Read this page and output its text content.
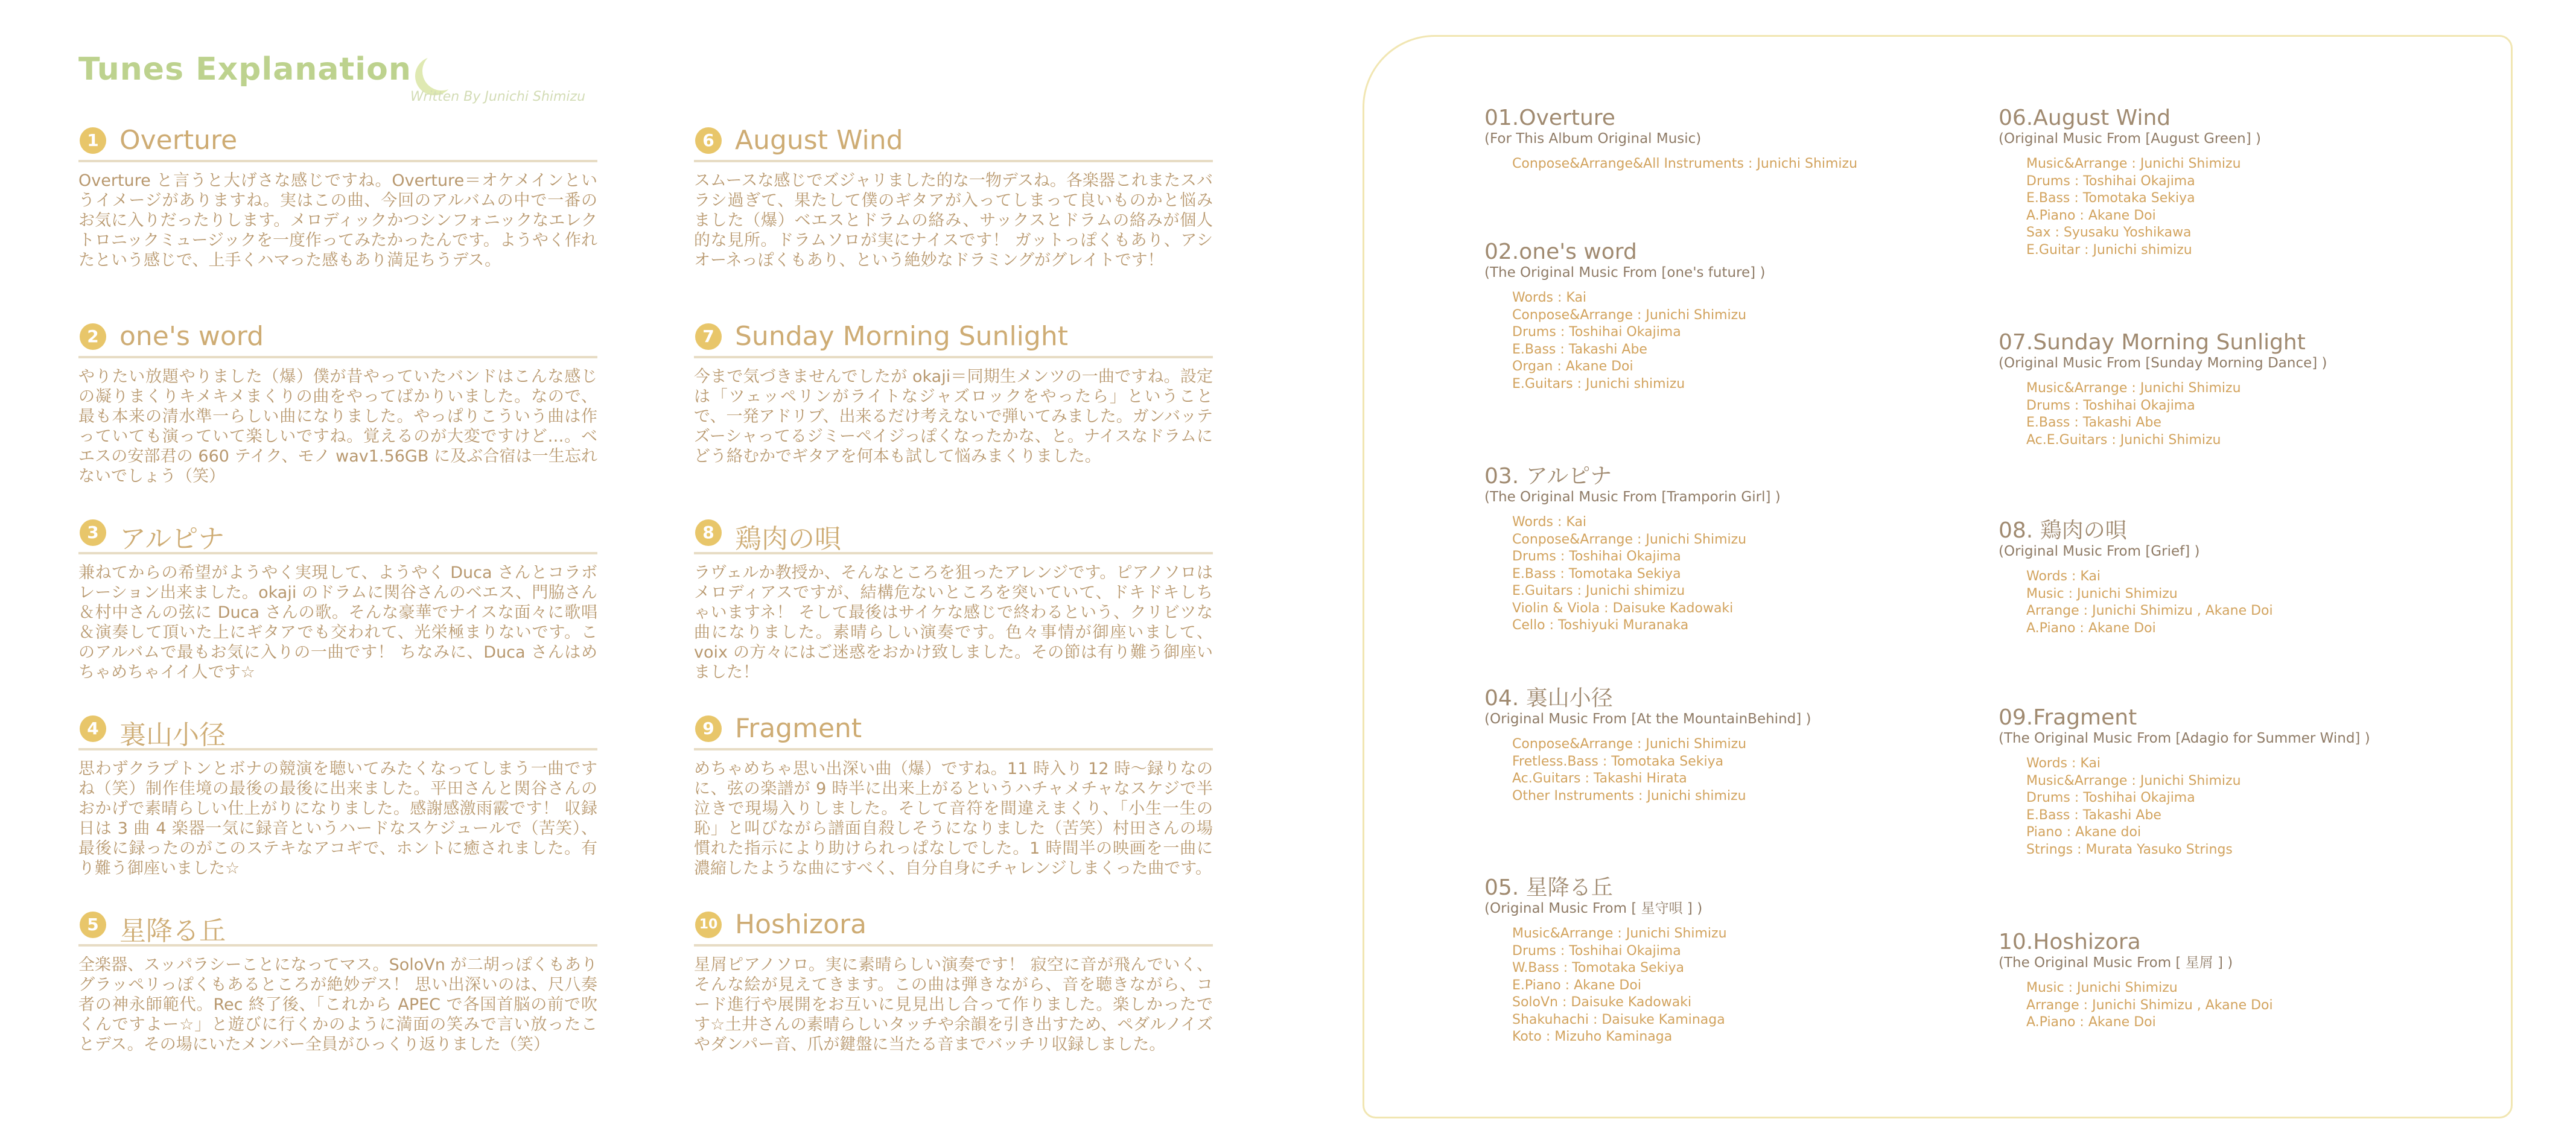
Tunes Explanation
Written By Junichi Shimizu
1 Overture
Overture と言うと大げさな感じですね。Overture＝オケメインというイメージがありますね。実はこの曲、今回のアルバムの中で一番のお気に入りだったりします。メロディックかつシンフォニックなエレクトロニックミュージックを一度作ってみたかったんです。ようやく作れたという感じで、上手くハマった感もあり満足ちうデス。
2 one's word
やりたい放題やりました（爆）僕が昔やっていたバンドはこんな感じの凝りまくりキメキメまくりの曲をやってばかりいました。なので、最も本来の清水準一らしい曲になりました。やっぱりこういう曲は作っていても演っていて楽しいですね。覚えるのが大変ですけど…。ベエスの安部君の 660 テイク、モノ wav1.56GB に及ぶ合宿は一生忘れないでしょう（笑）
3 アルピナ
兼ねてからの希望がようやく実現して、ようやく Duca さんとコラボレーション出来ました。okaji のドラムに関谷さんのベエス、門脇さん＆村中さんの弦に Duca さんの歌。そんな豪華でナイスな面々に歌唱＆演奏して頂いた上にギタアでも交われて、光栄極まりないです。このアルバムで最もお気に入りの一曲です！ ちなみに、Duca さんはめちゃめちゃイイ人です☆
4 裏山小径
思わずクラプトンとボナの競演を聴いてみたくなってしまう一曲ですね（笑）制作佳境の最後の最後に出来ました。平田さんと関谷さんのおかげで素晴らしい仕上がりになりました。感謝感激雨霰です！ 収録日は 3 曲 4 楽器一気に録音というハードなスケジュールで（苦笑）、最後に録ったのがこのステキなアコギで、ホントに癒されました。有り難う御座いました☆
5 星降る丘
全楽器、スッパラシーことになってマス。SoloVn が二胡っぽくもありグラッペリっぽくもあるところが絶妙デス！ 思い出深いのは、尺八奏者の神永師範代。Rec 終了後、「これから APEC で各国首脳の前で吹くんですよー☆」と遊びに行くかのように満面の笑みで言い放ったことデス。その場にいたメンバー全員がひっくり返りました（笑）
6 August Wind
スムースな感じでズジャリました的な一物デスね。各楽器これまたスバラシ過ぎて、果たして僕のギタアが入ってしまって良いものかと悩みました（爆）ベエスとドラムの絡み、サックスとドラムの絡みが個人的な見所。ドラムソロが実にナイスです！ ガットっぽくもあり、アシオーネっぽくもあり、という絶妙なドラミングがグレイトです！
7 Sunday Morning Sunlight
今まで気づきませんでしたが okaji＝同期生メンツの一曲ですね。設定は「ツェッペリンがライトなジャズロックをやったら」ということで、一発アドリブ、出来るだけ考えないで弾いてみました。ガンバッテズーシャってるジミーペイジっぽくなったかな、と。ナイスなドラムにどう絡むかでギタアを何本も試して悩みまくりました。
8 鶏肉の唄
ラヴェルか教授か、そんなところを狙ったアレンジです。ピアノソロはメロディアスですが、結構危ないところを突いていて、ドキドキしちゃいますネ！ そして最後はサイケな感じで終わるという、クリビツな曲になりました。素晴らしい演奏です。色々事情が御座いまして、voix の方々にはご迷惑をおかけ致しました。その節は有り難う御座いました！
9 Fragment
めちゃめちゃ思い出深い曲（爆）ですね。11 時入り 12 時～録りなのに、弦の楽譜が 9 時半に出来上がるというハチャメチャなスケジで半泣きで現場入りしました。そして音符を間違えまくり、「小生一生の恥」と叫びながら譜面自殺しそうになりました（苦笑）村田さんの場慣れた指示により助けられっぱなしでした。1 時間半の映画を一曲に濃縮したような曲にすべく、自分自身にチャレンジしまくった曲です。
10 Hoshizora
星屑ピアノソロ。実に素晴らしい演奏です！ 寂空に音が飛んでいく、そんな絵が見えてきます。この曲は弾きながら、音を聴きながら、コード進行や展開をお互いに見見出し合って作りました。楽しかったです☆土井さんの素晴らしいタッチや余韻を引き出すため、ペダルノイズやダンパー音、爪が鍵盤に当たる音までバッチリ収録しました。
01.Overture
(For This Album Original Music)
Conpose&Arrange&All Instruments : Junichi Shimizu
02.one's word
(The Original Music From [one's future] )
Words : Kai
Conpose&Arrange : Junichi Shimizu
Drums : Toshihai Okajima
E.Bass : Takashi Abe
Organ : Akane Doi
E.Guitars : Junichi shimizu
03. アルピナ
(The Original Music From [Tramporin Girl] )
Words : Kai
Conpose&Arrange : Junichi Shimizu
Drums : Toshihai Okajima
E.Bass : Tomotaka Sekiya
E.Guitars : Junichi shimizu
Violin & Viola : Daisuke Kadowaki
Cello : Toshiyuki Muranaka
04. 裏山小径
(Original Music From [At the MountainBehind] )
Conpose&Arrange : Junichi Shimizu
Fretless.Bass : Tomotaka Sekiya
Ac.Guitars : Takashi Hirata
Other Instruments : Junichi shimizu
05. 星降る丘
(Original Music From [ 星守唄 ] )
Music&Arrange : Junichi Shimizu
Drums : Toshihai Okajima
W.Bass : Tomotaka Sekiya
E.Piano : Akane Doi
SoloVn : Daisuke Kadowaki
Shakuhachi : Daisuke Kaminaga
Koto : Mizuho Kaminaga
06.August Wind
(Original Music From [August Green] )
Music&Arrange : Junichi Shimizu
Drums : Toshihai Okajima
E.Bass : Tomotaka Sekiya
A.Piano : Akane Doi
Sax : Syusaku Yoshikawa
E.Guitar : Junichi shimizu
07.Sunday Morning Sunlight
(Original Music From [Sunday Morning Dance] )
Music&Arrange : Junichi Shimizu
Drums : Toshihai Okajima
E.Bass : Takashi Abe
Ac.E.Guitars : Junichi Shimizu
08. 鶏肉の唄
(Original Music From [Grief] )
Words : Kai
Music : Junichi Shimizu
Arrange : Junichi Shimizu , Akane Doi
A.Piano : Akane Doi
09.Fragment
(The Original Music From [Adagio for Summer Wind] )
Words : Kai
Music&Arrange : Junichi Shimizu
Drums : Toshihai Okajima
E.Bass : Takashi Abe
Piano : Akane doi
Strings : Murata Yasuko Strings
10.Hoshizora
(The Original Music From [ 星屑 ] )
Music : Junichi Shimizu
Arrange : Junichi Shimizu , Akane Doi
A.Piano : Akane Doi
